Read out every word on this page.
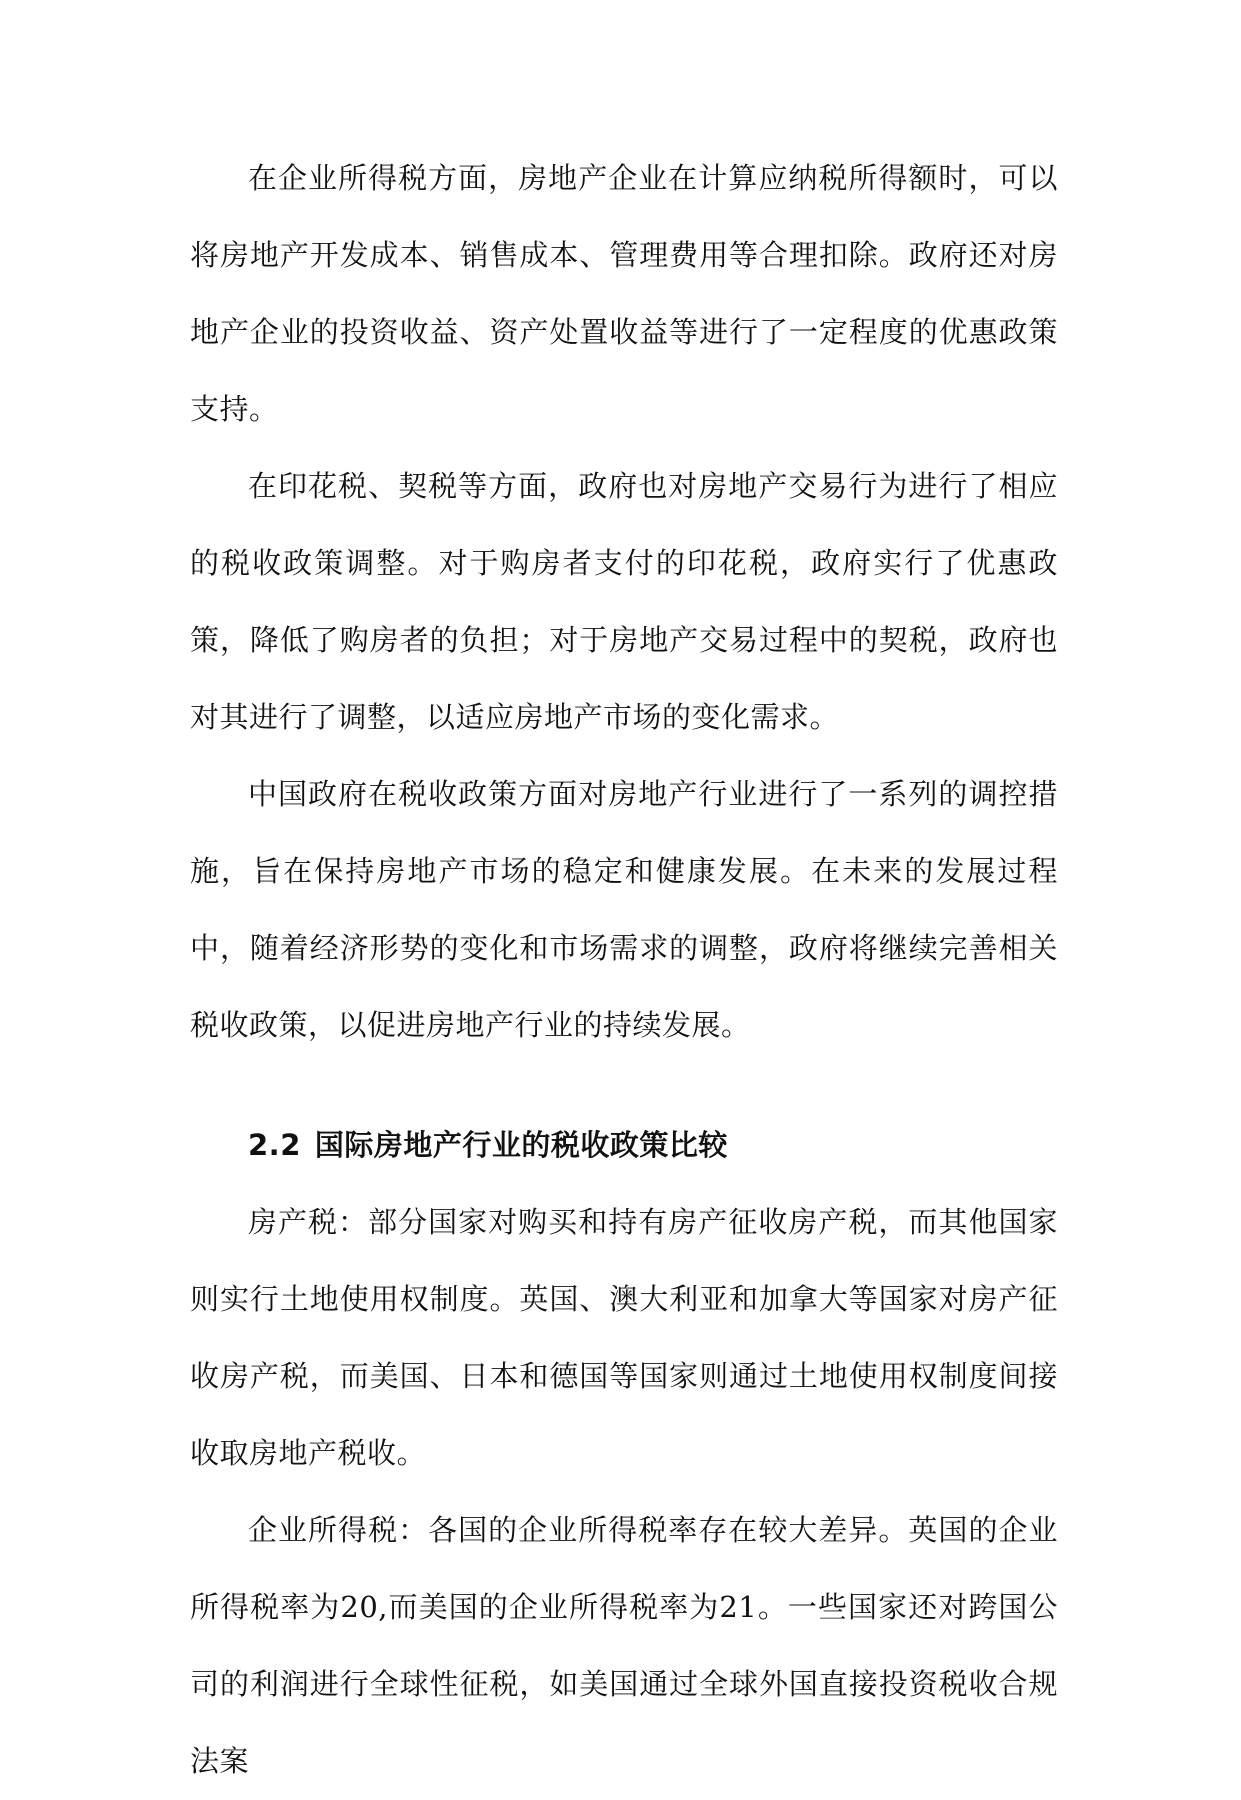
在企业所得税方面，房地产企业在计算应纳税所得额时，可以将房地产开发成本、销售成本、管理费用等合理扣除。政府还对房地产企业的投资收益、资产处置收益等进行了一定程度的优惠政策支持。

在印花税、契税等方面，政府也对房地产交易行为进行了相应的税收政策调整。对于购房者支付的印花税，政府实行了优惠政策，降低了购房者的负担；对于房地产交易过程中的契税，政府也对其进行了调整，以适应房地产市场的变化需求。

中国政府在税收政策方面对房地产行业进行了一系列的调控措施，旨在保持房地产市场的稳定和健康发展。在未来的发展过程中，随着经济形势的变化和市场需求的调整，政府将继续完善相关税收政策，以促进房地产行业的持续发展。

2.2 国际房地产行业的税收政策比较

房产税：部分国家对购买和持有房产征收房产税，而其他国家则实行土地使用权制度。英国、澳大利亚和加拿大等国家对房产征收房产税，而美国、日本和德国等国家则通过土地使用权制度间接收取房地产税收。

企业所得税：各国的企业所得税率存在较大差异。英国的企业所得税率为20,而美国的企业所得税率为21。一些国家还对跨国公司的利润进行全球性征税，如美国通过全球外国直接投资税收合规法案
